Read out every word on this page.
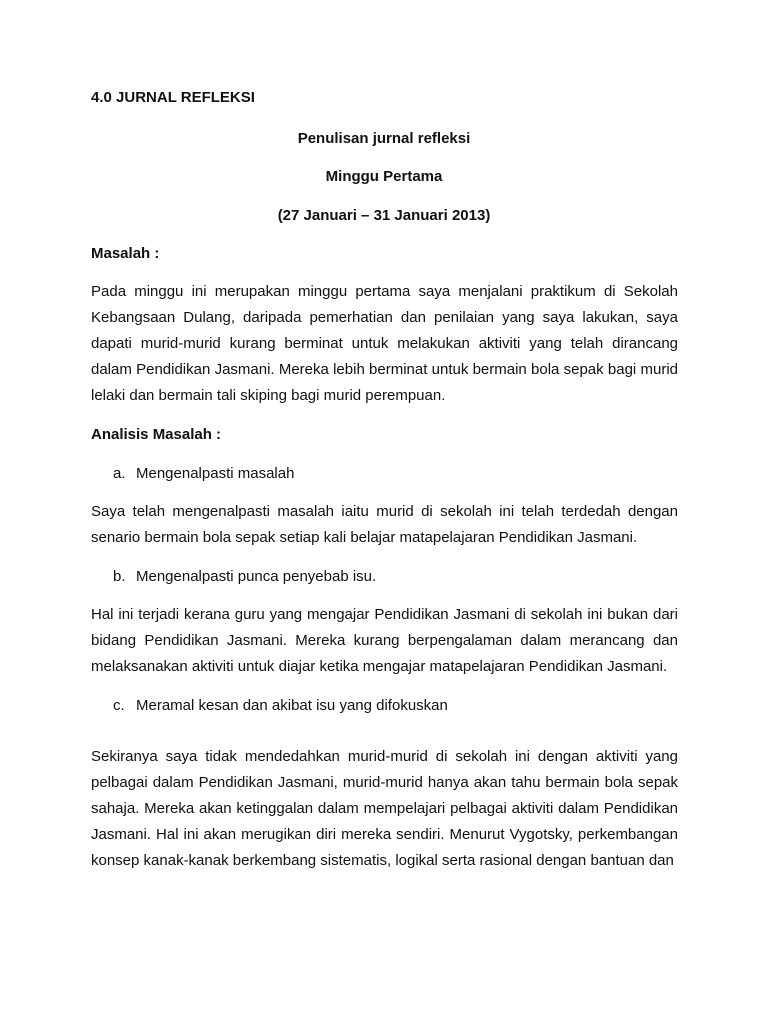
4.0 JURNAL REFLEKSI

Penulisan jurnal refleksi

Minggu Pertama

(27 Januari – 31 Januari 2013)

Masalah :

Pada minggu ini merupakan minggu pertama saya menjalani praktikum di Sekolah Kebangsaan Dulang, daripada pemerhatian dan penilaian yang saya lakukan, saya dapati murid-murid kurang berminat untuk melakukan aktiviti yang telah dirancang dalam Pendidikan Jasmani. Mereka lebih berminat untuk bermain bola sepak bagi murid lelaki dan bermain tali skiping bagi murid perempuan.

Analisis Masalah :

a. Mengenalpasti masalah

Saya telah mengenalpasti masalah iaitu murid di sekolah ini telah terdedah dengan senario bermain bola sepak setiap kali belajar matapelajaran Pendidikan Jasmani.

b. Mengenalpasti punca penyebab isu.

Hal ini terjadi kerana guru yang mengajar Pendidikan Jasmani di sekolah ini bukan dari bidang Pendidikan Jasmani. Mereka kurang berpengalaman dalam merancang dan melaksanakan aktiviti untuk diajar ketika mengajar matapelajaran Pendidikan Jasmani.

c. Meramal kesan dan akibat isu yang difokuskan

Sekiranya saya tidak mendedahkan murid-murid di sekolah ini dengan aktiviti yang pelbagai dalam Pendidikan Jasmani, murid-murid hanya akan tahu bermain bola sepak sahaja. Mereka akan ketinggalan dalam mempelajari pelbagai aktiviti dalam Pendidikan Jasmani. Hal ini akan merugikan diri mereka sendiri. Menurut Vygotsky, perkembangan konsep kanak-kanak berkembang sistematis, logikal serta rasional dengan bantuan dan
